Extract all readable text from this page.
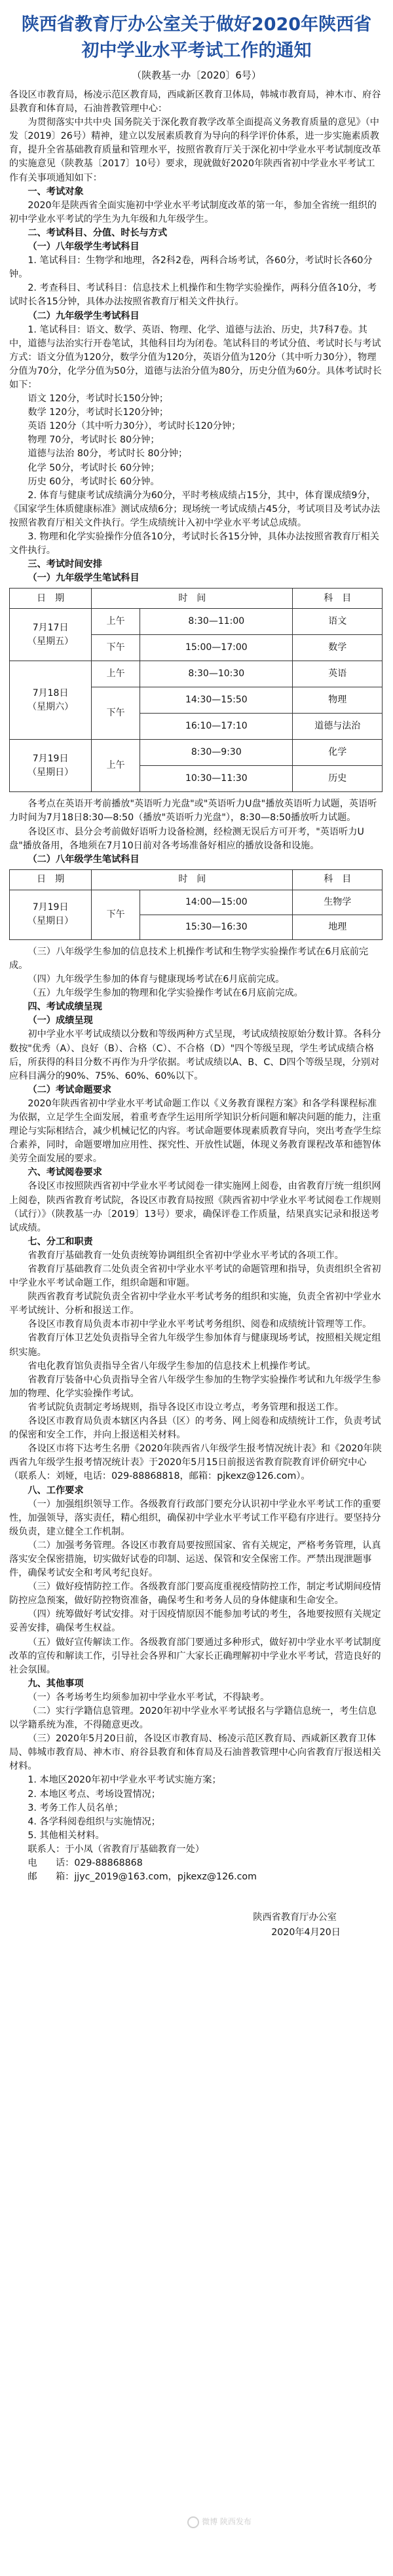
陕西省教育厅办公室关于做好2020年陕西省初中学业水平考试工作的通知
（陕教基一办〔2020〕6号）

各设区市教育局，杨凌示范区教育局，西咸新区教育卫体局，韩城市教育局，神木市、府谷县教育和体育局，石油普教管理中心：

为贯彻落实中共中央 国务院关于深化教育教学改革全面提高义务教育质量的意见》（中发〔2019〕26号）精神，建立以发展素质教育为导向的科学评价体系，进一步实施素质教育，提升全省基础教育质量和管理水平，按照省教育厅关于深化初中学业水平考试制度改革的实施意见（陕教基〔2017〕10号）要求，现就做好2020年陕西省初中学业水平考试工作有关事项通知如下：

一、考试对象

2020年是陕西省全面实施初中学业水平考试制度改革的第一年，参加全省统一组织的初中学业水平考试的学生为九年级和九年级学生。

二、考试科目、分值、时长与方式

（一）八年级学生考试科目

1. 笔试科目：生物学和地理，各2科2卷，两科合场考试，各60分，考试时长各60分钟。

2. 考查科目、考试科目：信息技术上机操作和生物学实验操作，两科分值各10分，考试时长各15分钟，具体办法按照省教育厅相关文件执行。

（二）九年级学生考试科目

1. 笔试科目：语文、数学、英语、物理、化学、道德与法治、历史，共7科7卷。其中，道德与法治实行开卷笔试，其他科目均为闭卷。笔试科目的考试分值、考试时长与考试方式：语文分值为120分，数学分值为120分，英语分值为120分（其中听力30分），物理分值为70分，化学分值为50分，道德与法治分值为80分，历史分值为60分。具体考试时长如下：

语文 120分，考试时长150分钟；

数学 120分，考试时长120分钟；

英语 120分（其中听力30分），考试时长120分钟；

物理 70分，考试时长 80分钟；

道德与法治 80分，考试时长 80分钟；

化学 50分，考试时长 60分钟；

历史 60分，考试时长 60分钟。

2. 体育与健康考试成绩满分为60分，平时考核成绩占15分，其中，体育课成绩9分，《国家学生体质健康标准》测试成绩6分；现场统一考试成绩占45分，考试项目及考试办法按照省教育厅相关文件执行。学生成绩统计入初中学业水平考试总成绩。

3. 物理和化学实验操作分值各10分，考试时长各15分钟，具体办法按照省教育厅相关文件执行。

三、考试时间安排

（一）九年级学生笔试科目

日　期	时　间		科　目
7月17日
（星期五）	上午	8:30—11:00	语文
	下午	15:00—17:00	数学
7月18日
（星期六）	上午	8:30—10:30	英语
	下午	14:30—15:50	物理
		16:10—17:10	道德与法治
7月19日
（星期日）	上午	8:30—9:30	化学
		10:30—11:30	历史

各考点在英语开考前播放"英语听力光盘"或"英语听力U盘"播放英语听力试题，英语听力时间为7月18日8:30—8:50（播放"英语听力光盘"），8:30—8:50播放听力试题。

各设区市、县分会考前做好语听力设备检测，经检测无误后方可开考，"英语听力U盘"播放备用，各地须在7月10日前对各考场准备好相应的播放设备和设施。

（二）八年级学生笔试科目

日　期	时　间		科　目
7月19日
（星期日）	下午	14:00—15:00	生物学
		15:30—16:30	地理

（三）八年级学生参加的信息技术上机操作考试和生物学实验操作考试在6月底前完成。

（四）九年级学生参加的体育与健康现场考试在6月底前完成。

（五）九年级学生参加的物理和化学实验操作考试在6月底前完成。

四、考试成绩呈现

（一）成绩呈现

初中学业水平考试成绩以分数和等级两种方式呈现，考试成绩按原始分数计算。各科分数按"优秀（A）、良好（B）、合格（C）、不合格（D）"四个等级呈现，学生考试成绩合格后，所获得的科目分数不再作为升学依据。考试成绩以A、B、C、D四个等级呈现，分别对应科目满分的90%、75%、60%、60%以下。

（二）考试命题要求

2020年陕西省初中学业水平考试命题工作以《义务教育课程方案》和各学科课程标准为依据，立足学生全面发展，着重考查学生运用所学知识分析问题和解决问题的能力，注重理论与实际相结合，减少机械记忆的内容。考试命题要体现素质教育导向，突出考查学生综合素养，同时，命题要增加应用性、探究性、开放性试题，体现义务教育课程改革和德智体美劳全面发展的要求。

六、考试阅卷要求

各设区市按照陕西省初中学业水平考试阅卷一律实施网上阅卷，由省教育厅统一组织网上阅卷，陕西省教育考试院，各设区市教育局按照《陕西省初中学业水平考试阅卷工作规则（试行）》（陕教基一办〔2019〕13号）要求，确保评卷工作质量，结果真实记录和报送考试成绩。

七、分工和职责

省教育厅基础教育一处负责统筹协调组织全省初中学业水平考试的各项工作。

省教育厅基础教育二处负责全省初中学业水平考试的命题管理和指导，负责组织全省初中学业水平考试命题工作，组织命题和审题。

陕西省教育考试院负责全省初中学业水平考试考务的组织和实施，负责全省初中学业水平考试统计、分析和报送工作。

各设区市教育局负责本市初中学业水平考试考务组织、阅卷和成绩统计管理等工作。

省教育厅体卫艺处负责指导全省九年级学生参加体育与健康现场考试，按照相关规定组织实施。

省电化教育馆负责指导全省八年级学生参加的信息技术上机操作考试。

省教育厅装备中心负责指导全省八年级学生参加的生物学实验操作考试和九年级学生参加的物理、化学实验操作考试。

省考试院负责制定考场规则，指导各设区市设立考点，考务管理和报送工作。

各设区市教育局负责本辖区内各县（区）的考务、网上阅卷和成绩统计工作，负责考试的保密和安全工作，并向上报送相关材料。

各设区市将下达考生名册《2020年陕西省八年级学生报考情况统计表》和《2020年陕西省九年级学生报考情况统计表》于2020年5月15日前报送省教育院教育评价研究中心（联系人：刘娅，电话：029-88868818，邮箱：pjkexz@126.com）。

八、工作要求

（一）加强组织领导工作。各级教育行政部门要充分认识初中学业水平考试工作的重要性，加强领导，落实责任，精心组织，确保初中学业水平考试工作平稳有序进行。要坚持分级负责，建立健全工作机制。

（二）加强考务管理。各设区市教育局要按照国家、省有关规定，严格考务管理，认真落实安全保密措施，切实做好试卷的印制、运送、保管和安全保密工作。严禁出现泄题事件，确保考试安全和考风考纪良好。

（三）做好疫情防控工作。各级教育部门要高度重视疫情防控工作，制定考试期间疫情防控应急预案，做好防控物资准备，确保考生和考务人员的身体健康和生命安全。

（四）统筹做好考试安排。对于因疫情原因不能参加考试的考生，各地要按照有关规定妥善安排，确保考生权益。

（五）做好宣传解读工作。各级教育部门要通过多种形式，做好初中学业水平考试制度改革的宣传和解读工作，引导社会各界和广大家长正确理解初中学业水平考试，营造良好的社会氛围。

九、其他事项

（一）各考场考生均须参加初中学业水平考试，不得缺考。

（二）实行学籍信息管理。2020年初中学业水平考试报名与学籍信息统一，考生信息以学籍系统为准，不得随意更改。

（三）2020年5月20日前，各设区市教育局、杨凌示范区教育局、西咸新区教育卫体局、韩城市教育局、神木市、府谷县教育和体育局及石油普教管理中心向省教育厅报送相关材料。

1. 本地区2020年初中学业水平考试实施方案；

2. 本地区考点、考场设置情况；

3. 考务工作人员名单；

4. 各学科阅卷组织与实施情况；

5. 其他相关材料。

联系人：于小凤（省教育厅基础教育一处）

电　　话：029-88868868

邮　　箱：jjyc_2019@163.com，pjkexz@126.com

陕西省教育厅办公室
2020年4月20日
微博 陕西发布
